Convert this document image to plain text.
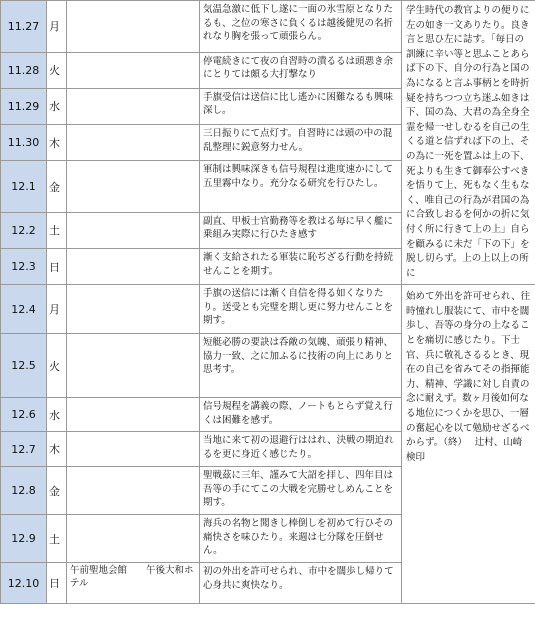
11.27	月		気温急激に低下し遂に一面の氷雪原となりたるも、之位の寒さに負くるは越後健児の名折れなり胸を張って頑張らん。	学生時代の教官よりの便りに左の如き一文ありたり。良き言と思ひ左に誌す。「毎日の訓練に辛い等と思ふことあらば下の下、自分の行為と国の為になると言ふ事柄とを時折疑を持ちつつ立ち迷ふ如きは下、国の為、大君の為全身全霊を帰一せしむるを自己の生くる道と信ずれば下の上、その為に一死を置ふは上の下、死よりも生きて御奉公すべきを悟りて上、死もなく生もなく、唯自己の行為が君国の為に合致しおるを何かの折に気付く所に行きて上の上」自らを顧みるに未だ「下の下」を脱し切らず。上の上以上の所に

11.28	火		停電続きにて夜の自習時の潰るるは頭悪き余にとりては頗る大打撃なり	
11.29	水		手旗受信は送信に比し遙かに困難なるも興味深し。	
11.30	木		三日振りにて点灯す。自習時には頭の中の混乱整理に鋭意努力せん。	
12.1	金		軍制は興味深きも信号規程は進度速かにして五里霧中なり。充分なる研究を行ひたし。	
12.2	土		副直、甲板士官勤務等を教はる毎に早く艦に乗組み実際に行ひたき感す	
12.3	日		漸く支給されたる軍装に恥ぢざる行動を持続せんことを期す。	
12.4	月		手旗の送信には漸く自信を得る如くなりたり。送受とも完璧を期し更に努力せんことを期す。	始めて外出を許可せられ、往時憧れし服装にて、市中を闊歩し、吾等の身分の上なることを痛切に感じたり。下士官、兵に敬礼さるるとき、現在の自己を省みてその指揮能力、精神、学識に対し自責の念に耐えず。数ヶ月後如何なる地位につくかを思ひ、一層の奮起心を以て勉励せざるべからず。（終）　 辻村、山崎検印

12.5	火		短艇必勝の要訣は呑敵の気魄、頑張り精神、協力一致、之に加ふるに技術の向上にありと思考す。	
12.6	水		信号規程を講義の際、ノートもとらず覚え行くは困難を感ず。	
12.7	木		当地に来て初の退避行ははれ、決戦の期迫れるを更に身近く感じたり。	
12.8	金		聖戦茲に三年、謹みて大詔を拝し、四年目は吾等の手にてこの大戦を完勝せしめんことを期す。	
12.9	土		海兵の名物と聞きし棒倒しを初めて行ひその痛快さを味ひたり。来週は七分隊を圧倒せん。	
12.10	日	午前聖地会館　　午後大和ホテル	初の外出を許可せられ、市中を闊歩し帰りて心身共に爽快なり。	
